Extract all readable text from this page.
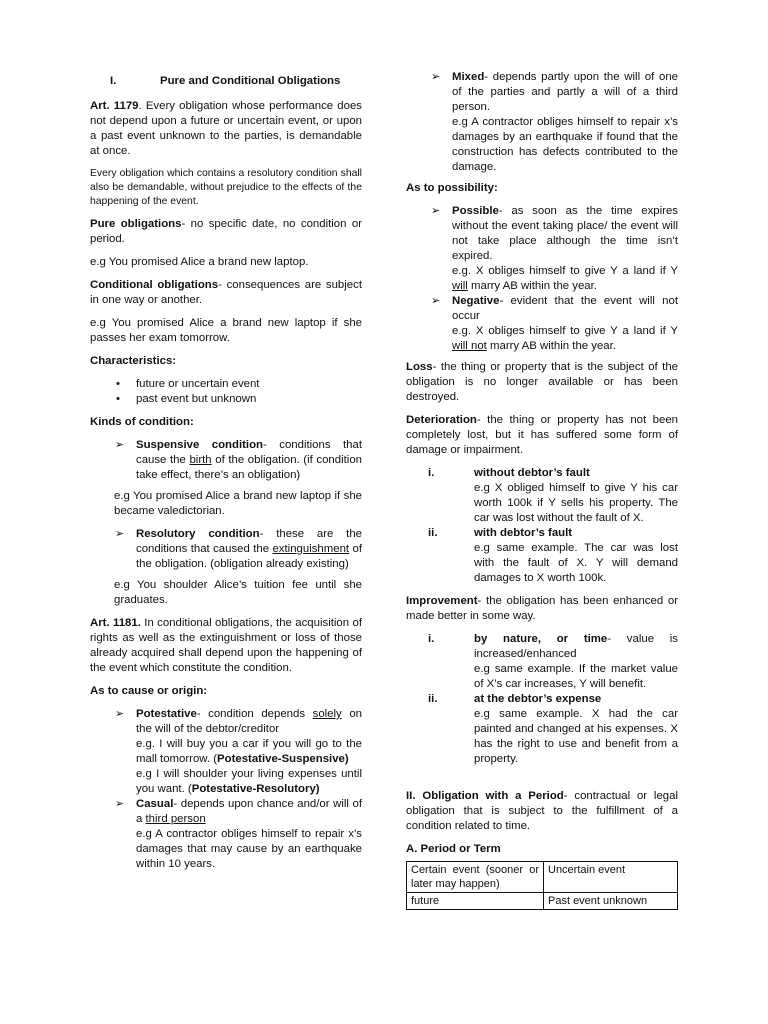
I.	Pure and Conditional Obligations

Art. 1179. Every obligation whose performance does not depend upon a future or uncertain event, or upon a past event unknown to the parties, is demandable at once.

Every obligation which contains a resolutory condition shall also be demandable, without prejudice to the effects of the happening of the event.

Pure obligations- no specific date, no condition or period.

e.g You promised Alice a brand new laptop.

Conditional obligations- consequences are subject in one way or another.

e.g You promised Alice a brand new laptop if she passes her exam tomorrow.

Characteristics:

• future or uncertain event
• past event but unknown

Kinds of condition:

➢ Suspensive condition- conditions that cause the birth of the obligation. (if condition take effect, there’s an obligation)

e.g You promised Alice a brand new laptop if she became valedictorian.

➢ Resolutory condition- these are the conditions that caused the extinguishment of the obligation. (obligation already existing)

e.g You shoulder Alice’s tuition fee until she graduates.

Art. 1181. In conditional obligations, the acquisition of rights as well as the extinguishment or loss of those already acquired shall depend upon the happening of the event which constitute the condition.

As to cause or origin:

➢ Potestative- condition depends solely on the will of the debtor/creditor
e.g. I will buy you a car if you will go to the mall tomorrow. (Potestative-Suspensive)
e.g I will shoulder your living expenses until you want. (Potestative-Resolutory)
➢ Casual- depends upon chance and/or will of a third person
e.g A contractor obliges himself to repair x’s damages that may cause by an earthquake within 10 years.
➢ Mixed- depends partly upon the will of one of the parties and partly a will of a third person.
e.g A contractor obliges himself to repair x’s damages by an earthquake if found that the construction has defects contributed to the damage.

As to possibility:

➢ Possible- as soon as the time expires without the event taking place/ the event will not take place although the time isn’t expired.
e.g. X obliges himself to give Y a land if Y will marry AB within the year.
➢ Negative- evident that the event will not occur
e.g. X obliges himself to give Y a land if Y will not marry AB within the year.

Loss- the thing or property that is the subject of the obligation is no longer available or has been destroyed.

Deterioration- the thing or property has not been completely lost, but it has suffered some form of damage or impairment.

i.	without debtor’s fault
e.g X obliged himself to give Y his car worth 100k if Y sells his property. The car was lost without the fault of X.
ii.	with debtor’s fault
e.g same example. The car was lost with the fault of X. Y will demand damages to X worth 100k.

Improvement- the obligation has been enhanced or made better in some way.

i.	by nature, or time- value is increased/enhanced
e.g same example. If the market value of X’s car increases, Y will benefit.
ii.	at the debtor’s expense
e.g same example. X had the car painted and changed at his expenses. X has the right to use and benefit from a property.

II. Obligation with a Period- contractual or legal obligation that is subject to the fulfillment of a condition related to time.

A. Period or Term

Certain event (sooner or later may happen)	Uncertain event
future	Past event unknown
